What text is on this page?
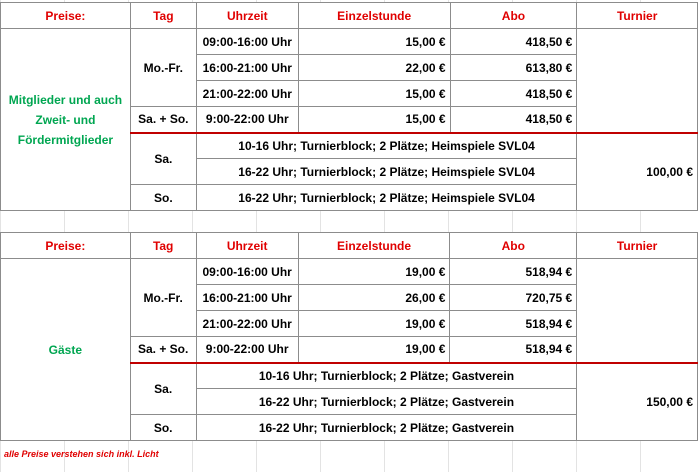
Preise:	Tag	Uhrzeit	Einzelstunde	Abo	Turnier
Mitglieder und auch Zweit- und Fördermitglieder	Mo.-Fr.	09:00-16:00 Uhr	15,00 €	418,50 €	
		16:00-21:00 Uhr	22,00 €	613,80 €	
		21:00-22:00 Uhr	15,00 €	418,50 €	
	Sa. + So.	9:00-22:00 Uhr	15,00 €	418,50 €	
	Sa.	10-16 Uhr; Turnierblock; 2 Plätze; Heimspiele SVL04			100,00 €
		16-22 Uhr; Turnierblock; 2 Plätze; Heimspiele SVL04			
	So.	16-22 Uhr; Turnierblock; 2 Plätze; Heimspiele SVL04			
Preise:	Tag	Uhrzeit	Einzelstunde	Abo	Turnier
Gäste	Mo.-Fr.	09:00-16:00 Uhr	19,00 €	518,94 €	
		16:00-21:00 Uhr	26,00 €	720,75 €	
		21:00-22:00 Uhr	19,00 €	518,94 €	
	Sa. + So.	9:00-22:00 Uhr	19,00 €	518,94 €	
	Sa.	10-16 Uhr; Turnierblock; 2 Plätze; Gastverein			150,00 €
		16-22 Uhr; Turnierblock; 2 Plätze; Gastverein			
	So.	16-22 Uhr; Turnierblock; 2 Plätze; Gastverein			
alle Preise verstehen sich inkl. Licht
